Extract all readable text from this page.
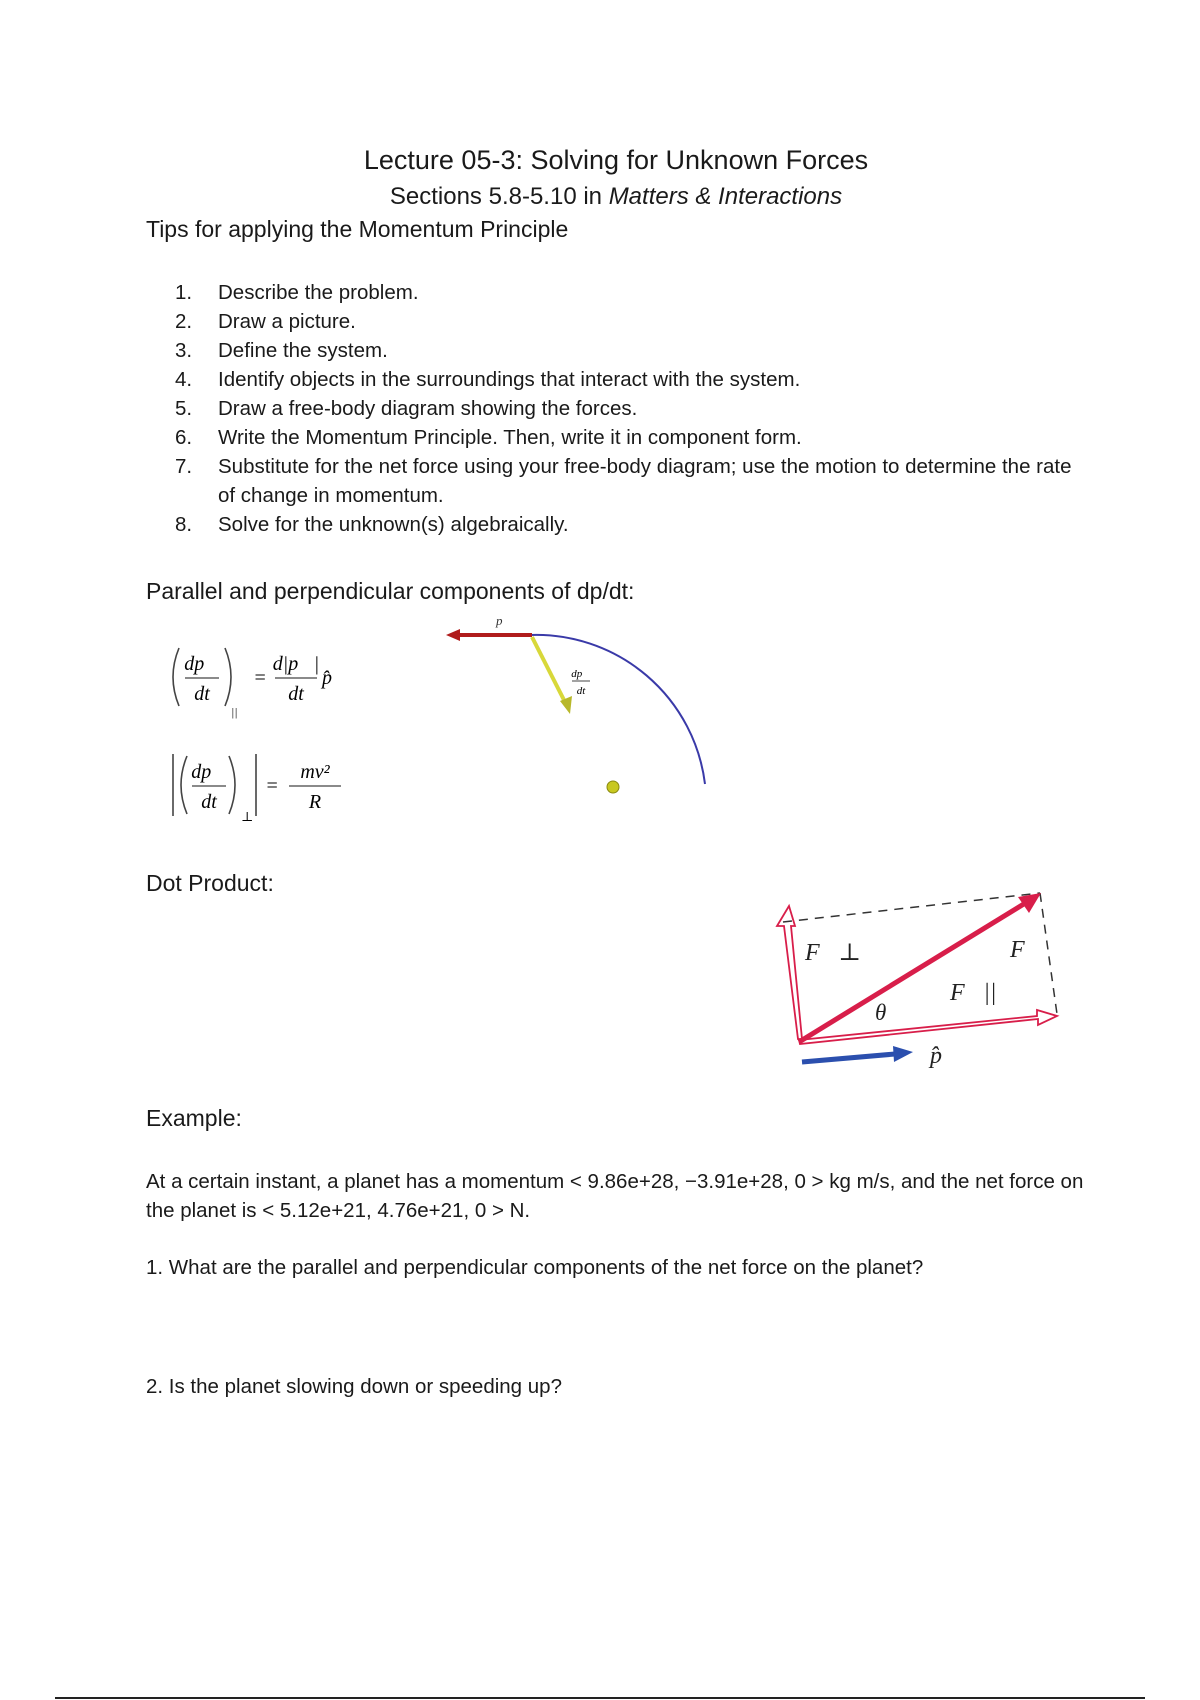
Lecture 05-3: Solving for Unknown Forces
Sections 5.8-5.10 in Matters & Interactions
Tips for applying the Momentum Principle
1.	Describe the problem.
2.	Draw a picture.
3.	Define the system.
4.	Identify objects in the surroundings that interact with the system.
5.	Draw a free-body diagram showing the forces.
6.	Write the Momentum Principle. Then, write it in component form.
7.	Substitute for the net force using your free-body diagram; use the motion to determine the rate of change in momentum.
8.	Solve for the unknown(s) algebraically.
Parallel and perpendicular components of dp/dt:
dp⃗
dt
||
=
d|p⃗|
dt
p̂
dp⃗
dt
⊥
=
mv²
R
p⃗
dp⃗
dt
Dot Product:
F⃗⊥	F⃗
F⃗||
θ
p̂
Example:
At a certain instant, a planet has a momentum < 9.86e+28, −3.91e+28, 0 > kg m/s, and the net force on the planet is < 5.12e+21, 4.76e+21, 0 > N.
1. What are the parallel and perpendicular components of the net force on the planet?
2. Is the planet slowing down or speeding up?
